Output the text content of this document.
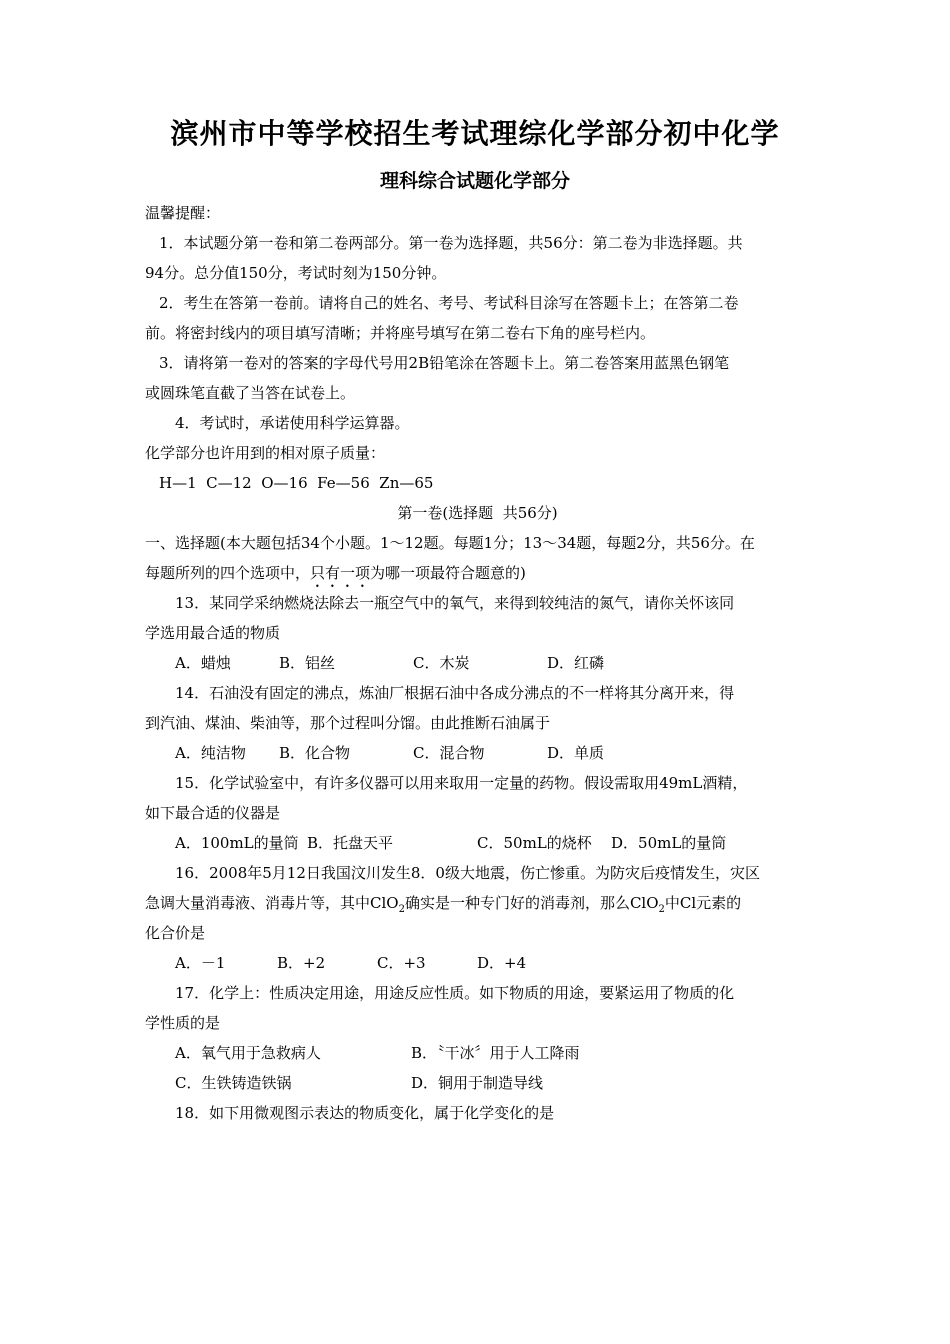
滨州市中等学校招生考试理综化学部分初中化学
理科综合试题化学部分
温馨提醒：
1．本试题分第一卷和第二卷两部分。第一卷为选择题，共56分：第二卷为非选择题。共
94分。总分值150分，考试时刻为150分钟。
2．考生在答第一卷前。请将自己的姓名、考号、考试科目涂写在答题卡上；在答第二卷
前。将密封线内的项目填写清晰；并将座号填写在第二卷右下角的座号栏内。
3．请将第一卷对的答案的字母代号用2B铅笔涂在答题卡上。第二卷答案用蓝黑色钢笔
或圆珠笔直截了当答在试卷上。
4．考试时，承诺使用科学运算器。
化学部分也许用到的相对原子质量：
H—1  C—12  O—16  Fe—56  Zn—65
第一卷(选择题  共56分)
一、选择题(本大题包括34个小题。1～12题。每题1分；13～34题，每题2分，共56分。在
每题所列的四个选项中，只有一项为哪一项最符合题意的)
13．某同学采纳燃烧法除去一瓶空气中的氧气，来得到较纯洁的氮气，请你关怀该同
学选用最合适的物质
A．蜡烛	B．铝丝	C．木炭	D．红磷
14．石油没有固定的沸点，炼油厂根据石油中各成分沸点的不一样将其分离开来，得
到汽油、煤油、柴油等，那个过程叫分馏。由此推断石油属于
A．纯洁物 B．化合物	C．混合物	D．单质
15．化学试验室中，有许多仪器可以用来取用一定量的药物。假设需取用49mL酒精，
如下最合适的仪器是
A．100mL的量筒 B．托盘天平	C．50mL的烧杯 D．50mL的量筒
16．2008年5月12日我国汶川发生8．0级大地震，伤亡惨重。为防灾后疫情发生，灾区
急调大量消毒液、消毒片等，其中ClO$_2$确实是一种专门好的消毒剂，那么ClO$_2$中Cl元素的
化合价是
A．－1	B．+2	C．+3	D．+4
17．化学上：性质决定用途，用途反应性质。如下物质的用途，要紧运用了物质的化
学性质的是
A．氧气用于急救病人	B．〝干冰〞用于人工降雨
C．生铁铸造铁锅	D．铜用于制造导线
18．如下用微观图示表达的物质变化，属于化学变化的是
